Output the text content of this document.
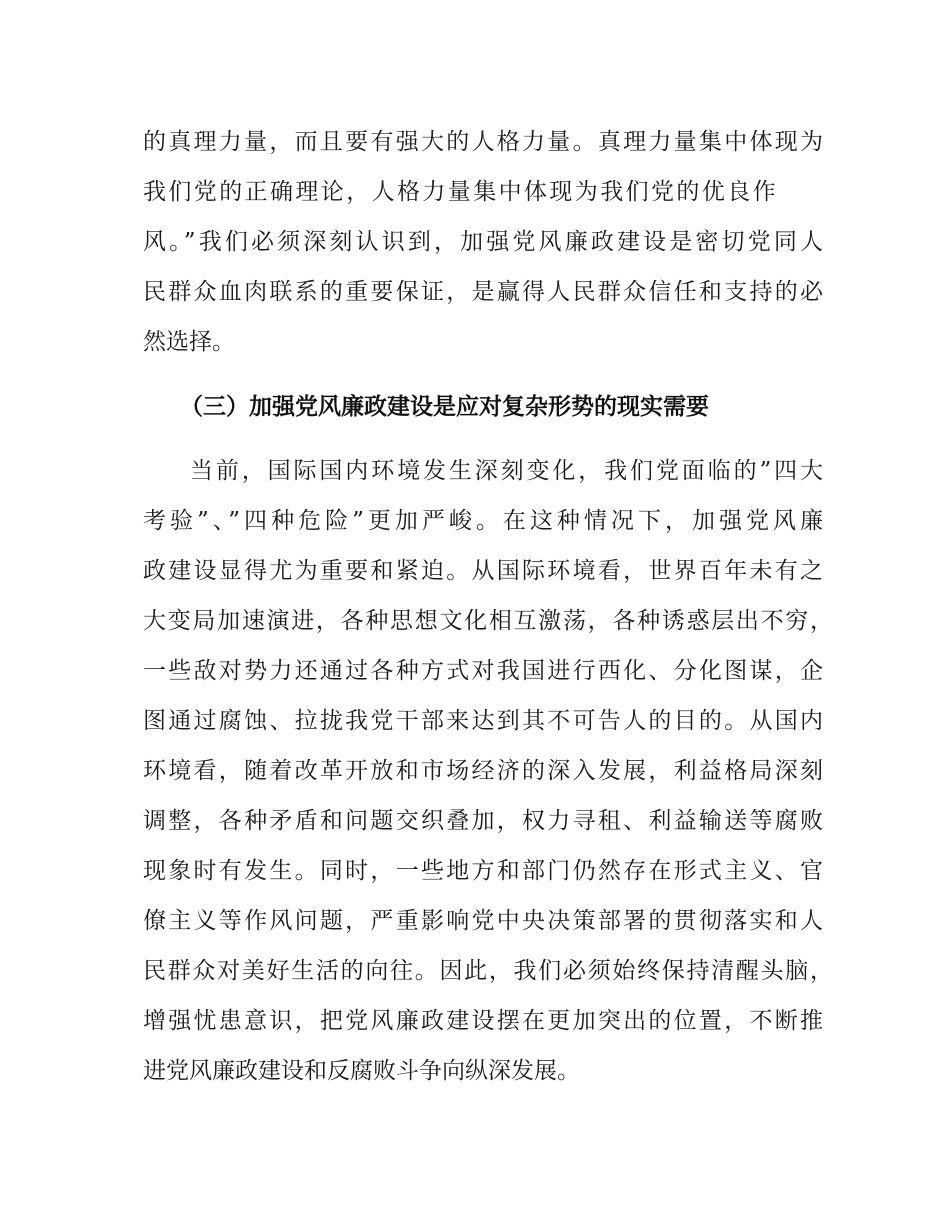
的真理力量，而且要有强大的人格力量。真理力量集中体现为

我们党的正确理论，人格力量集中体现为我们党的优良作

风。”我们必须深刻认识到，加强党风廉政建设是密切党同人

民群众血肉联系的重要保证，是赢得人民群众信任和支持的必

然选择。

（三）加强党风廉政建设是应对复杂形势的现实需要

当前，国际国内环境发生深刻变化，我们党面临的”四大

考验”、”四种危险”更加严峻。在这种情况下，加强党风廉

政建设显得尤为重要和紧迫。从国际环境看，世界百年未有之

大变局加速演进，各种思想文化相互激荡，各种诱惑层出不穷，

一些敌对势力还通过各种方式对我国进行西化、分化图谋，企

图通过腐蚀、拉拢我党干部来达到其不可告人的目的。从国内

环境看，随着改革开放和市场经济的深入发展，利益格局深刻

调整，各种矛盾和问题交织叠加，权力寻租、利益输送等腐败

现象时有发生。同时，一些地方和部门仍然存在形式主义、官

僚主义等作风问题，严重影响党中央决策部署的贯彻落实和人

民群众对美好生活的向往。因此，我们必须始终保持清醒头脑，

增强忧患意识，把党风廉政建设摆在更加突出的位置，不断推

进党风廉政建设和反腐败斗争向纵深发展。
